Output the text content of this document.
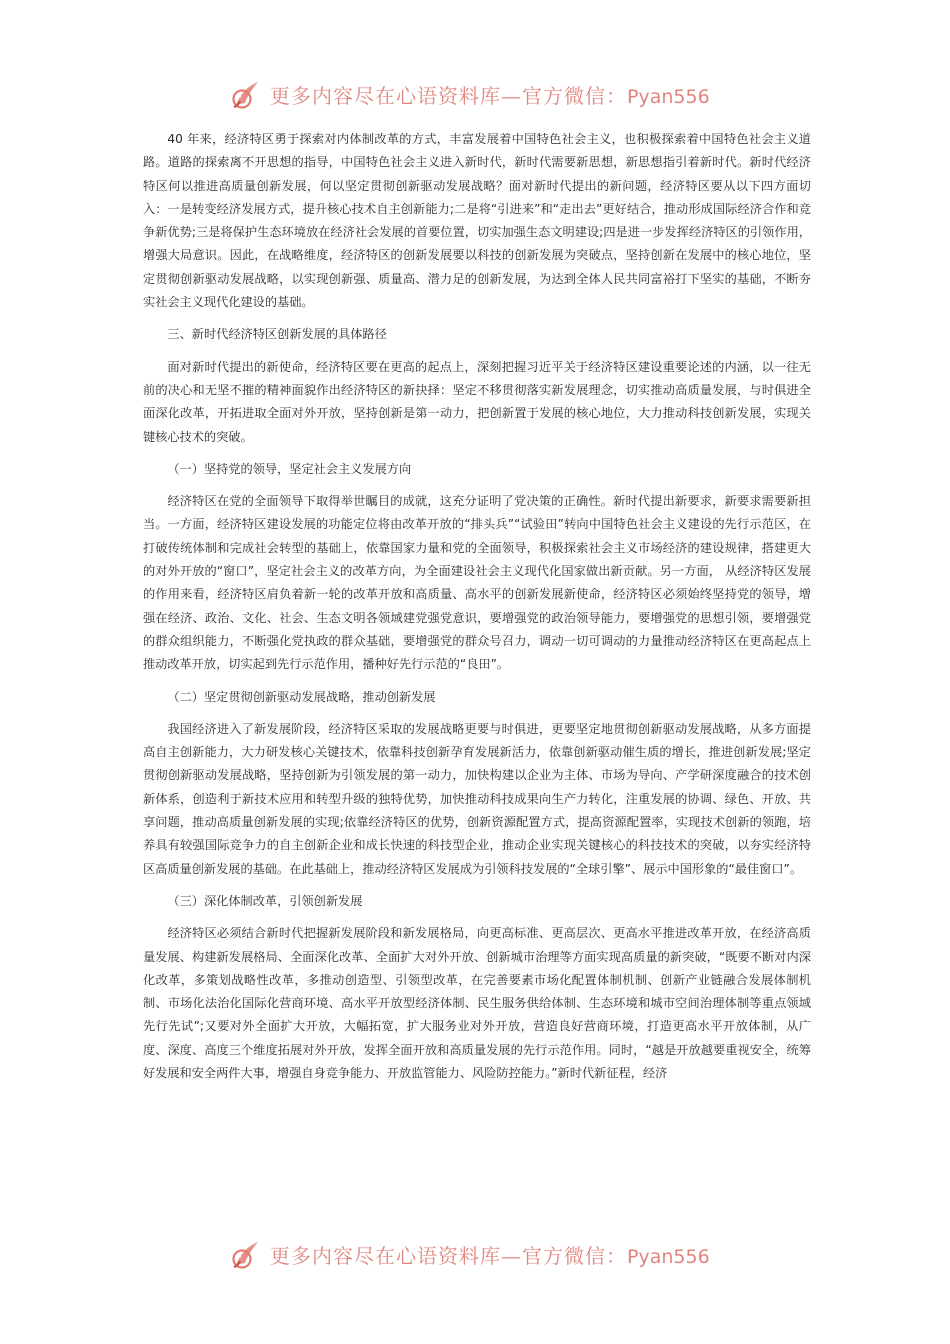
更多内容尽在心语资料库—官方微信：Pyan556

40 年来，经济特区勇于探索对内体制改革的方式，丰富发展着中国特色社会主义，也积极探索着中国特色社会主义道路。道路的探索离不开思想的指导，中国特色社会主义进入新时代，新时代需要新思想，新思想指引着新时代。新时代经济特区何以推进高质量创新发展，何以坚定贯彻创新驱动发展战略？面对新时代提出的新问题，经济特区要从以下四方面切入：一是转变经济发展方式，提升核心技术自主创新能力;二是将“引进来”和“走出去”更好结合，推动形成国际经济合作和竞争新优势;三是将保护生态环境放在经济社会发展的首要位置，切实加强生态文明建设;四是进一步发挥经济特区的引领作用，增强大局意识。因此，在战略维度，经济特区的创新发展要以科技的创新发展为突破点，坚持创新在发展中的核心地位，坚定贯彻创新驱动发展战略，以实现创新强、质量高、潜力足的创新发展，为达到全体人民共同富裕打下坚实的基础，不断夯实社会主义现代化建设的基础。

三、新时代经济特区创新发展的具体路径

面对新时代提出的新使命，经济特区要在更高的起点上，深刻把握习近平关于经济特区建设重要论述的内涵，以一往无前的决心和无坚不摧的精神面貌作出经济特区的新抉择：坚定不移贯彻落实新发展理念，切实推动高质量发展，与时俱进全面深化改革，开拓进取全面对外开放，坚持创新是第一动力，把创新置于发展的核心地位，大力推动科技创新发展，实现关键核心技术的突破。

（一）坚持党的领导，坚定社会主义发展方向

经济特区在党的全面领导下取得举世瞩目的成就，这充分证明了党决策的正确性。新时代提出新要求，新要求需要新担当。一方面，经济特区建设发展的功能定位将由改革开放的“排头兵”“试验田”转向中国特色社会主义建设的先行示范区，在打破传统体制和完成社会转型的基础上，依靠国家力量和党的全面领导，积极探索社会主义市场经济的建设规律，搭建更大的对外开放的“窗口”，坚定社会主义的改革方向，为全面建设社会主义现代化国家做出新贡献。另一方面， 从经济特区发展的作用来看，经济特区肩负着新一轮的改革开放和高质量、高水平的创新发展新使命，经济特区必须始终坚持党的领导，增强在经济、政治、文化、社会、生态文明各领域建党强党意识，要增强党的政治领导能力，要增强党的思想引领，要增强党的群众组织能力，不断强化党执政的群众基础，要增强党的群众号召力，调动一切可调动的力量推动经济特区在更高起点上推动改革开放，切实起到先行示范作用，播种好先行示范的“良田”。

（二）坚定贯彻创新驱动发展战略，推动创新发展

我国经济进入了新发展阶段，经济特区采取的发展战略更要与时俱进，更要坚定地贯彻创新驱动发展战略，从多方面提高自主创新能力，大力研发核心关键技术，依靠科技创新孕育发展新活力，依靠创新驱动催生质的增长，推进创新发展;坚定贯彻创新驱动发展战略，坚持创新为引领发展的第一动力，加快构建以企业为主体、市场为导向、产学研深度融合的技术创新体系，创造利于新技术应用和转型升级的独特优势，加快推动科技成果向生产力转化，注重发展的协调、绿色、开放、共享问题，推动高质量创新发展的实现;依靠经济特区的优势，创新资源配置方式，提高资源配置率，实现技术创新的领跑，培养具有较强国际竞争力的自主创新企业和成长快速的科技型企业，推动企业实现关键核心的科技技术的突破，以夯实经济特区高质量创新发展的基础。在此基础上，推动经济特区发展成为引领科技发展的“全球引擎”、展示中国形象的“最佳窗口”。

（三）深化体制改革，引领创新发展

经济特区必须结合新时代把握新发展阶段和新发展格局，向更高标准、更高层次、更高水平推进改革开放，在经济高质量发展、构建新发展格局、全面深化改革、全面扩大对外开放、创新城市治理等方面实现高质量的新突破，“既要不断对内深化改革，多策划战略性改革，多推动创造型、引领型改革，在完善要素市场化配置体制机制、创新产业链融合发展体制机制、市场化法治化国际化营商环境、高水平开放型经济体制、民生服务供给体制、生态环境和城市空间治理体制等重点领域先行先试”;又要对外全面扩大开放，大幅拓宽，扩大服务业对外开放，营造良好营商环境，打造更高水平开放体制，从广度、深度、高度三个维度拓展对外开放，发挥全面开放和高质量发展的先行示范作用。同时，“越是开放越要重视安全，统筹好发展和安全两件大事，增强自身竞争能力、开放监管能力、风险防控能力。”新时代新征程，经济

更多内容尽在心语资料库—官方微信：Pyan556
